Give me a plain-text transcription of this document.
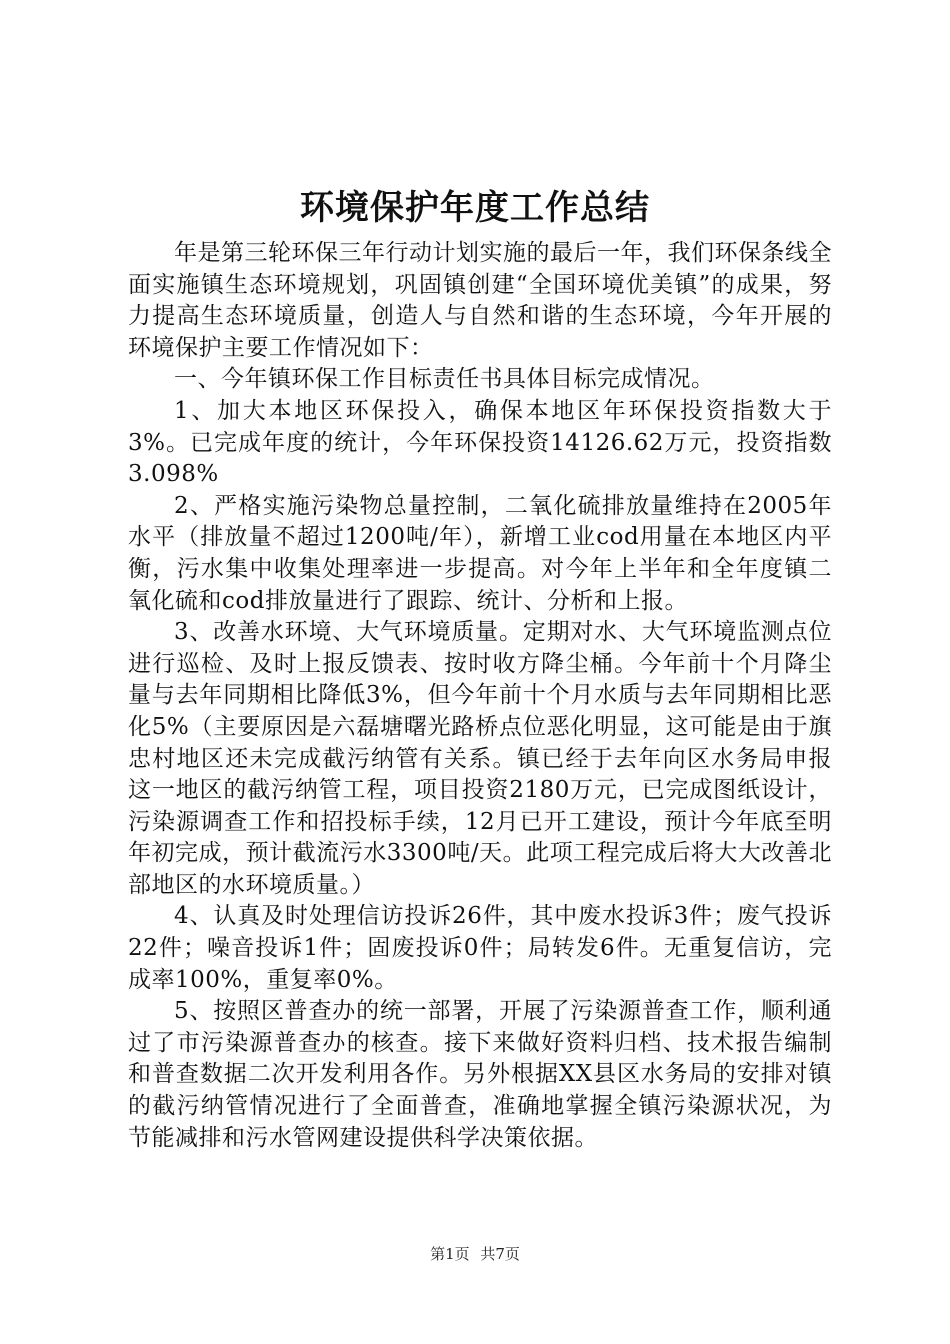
环境保护年度工作总结

年是第三轮环保三年行动计划实施的最后一年，我们环保条线全面实施镇生态环境规划，巩固镇创建“全国环境优美镇”的成果，努力提高生态环境质量，创造人与自然和谐的生态环境，今年开展的环境保护主要工作情况如下：

一、今年镇环保工作目标责任书具体目标完成情况。

1、加大本地区环保投入，确保本地区年环保投资指数大于3%。已完成年度的统计，今年环保投资14126.62万元，投资指数3.098%

2、严格实施污染物总量控制，二氧化硫排放量维持在2005年水平（排放量不超过1200吨/年），新增工业cod用量在本地区内平衡，污水集中收集处理率进一步提高。对今年上半年和全年度镇二氧化硫和cod排放量进行了跟踪、统计、分析和上报。

3、改善水环境、大气环境质量。定期对水、大气环境监测点位进行巡检、及时上报反馈表、按时收方降尘桶。今年前十个月降尘量与去年同期相比降低3%，但今年前十个月水质与去年同期相比恶化5%（主要原因是六磊塘曙光路桥点位恶化明显，这可能是由于旗忠村地区还未完成截污纳管有关系。镇已经于去年向区水务局申报这一地区的截污纳管工程，项目投资2180万元，已完成图纸设计，污染源调查工作和招投标手续，12月已开工建设，预计今年底至明年初完成，预计截流污水3300吨/天。此项工程完成后将大大改善北部地区的水环境质量。）

4、认真及时处理信访投诉26件，其中废水投诉3件；废气投诉22件；噪音投诉1件；固废投诉0件；局转发6件。无重复信访，完成率100%，重复率0%。

5、按照区普查办的统一部署，开展了污染源普查工作，顺利通过了市污染源普查办的核查。接下来做好资料归档、技术报告编制和普查数据二次开发利用各作。另外根据XX县区水务局的安排对镇的截污纳管情况进行了全面普查，准确地掌握全镇污染源状况，为节能减排和污水管网建设提供科学决策依据。

第1页 共7页
